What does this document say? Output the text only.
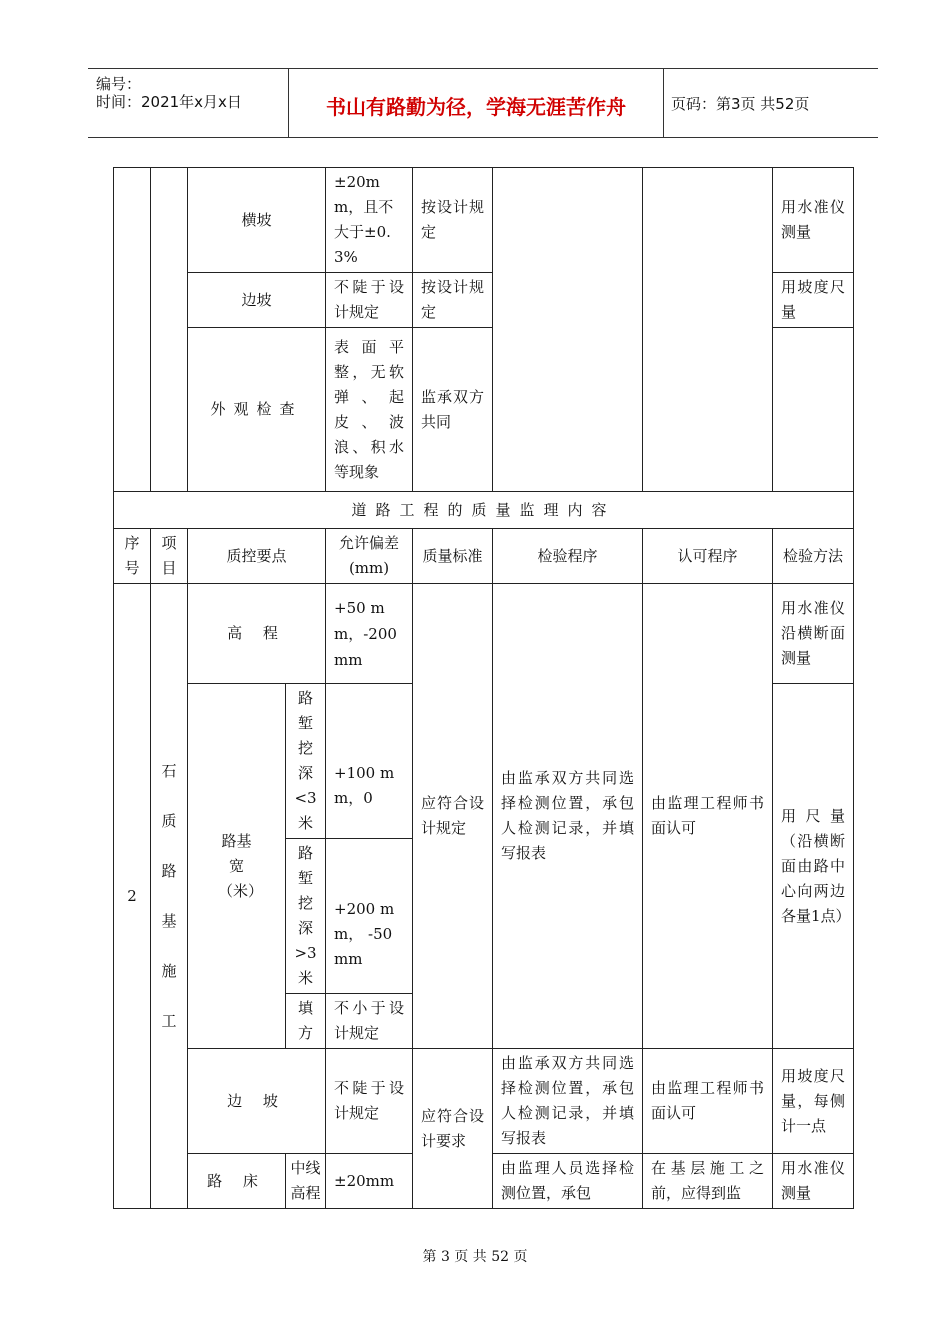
编号：
时间：2021年x月x日	书山有路勤为径，学海无涯苦作舟	页码：第3页 共52页
		横坡		±20mm，且不大于±0.3%	按设计规定			用水准仪测量
		边坡		不陡于设计规定	按设计规定			用坡度尺量
		外观检查		表面平整，无软弹、起皮、波浪、积水等现象	监承双方共同			
道路工程的质量监理内容								
序号	项目	质控要点		允许偏差(mm)	质量标准	检验程序	认可程序	检验方法
2	石质路基施工	高 程		+50 mm，-200 mm	应符合设计规定	由监承双方共同选择检测位置，承包人检测记录，并填写报表	由监理工程师书面认可	用水准仪沿横断面测量
		路基宽（米）	路堑挖深<3米	+100 mm，0				用尺量（沿横断面由路中心向两边各量1点）
			路堑挖深>3米	+200 mm， -50 mm				
			填方	不小于设计规定				
		边 坡		不陡于设计规定	应符合设计要求	由监承双方共同选择检测位置，承包人检测记录，并填写报表	由监理工程师书面认可	用坡度尺量，每侧计一点
		路 床	中线高程	±20mm		由监理人员选择检测位置，承包	在基层施工之前，应得到监	用水准仪测量
第 3 页 共 52 页
